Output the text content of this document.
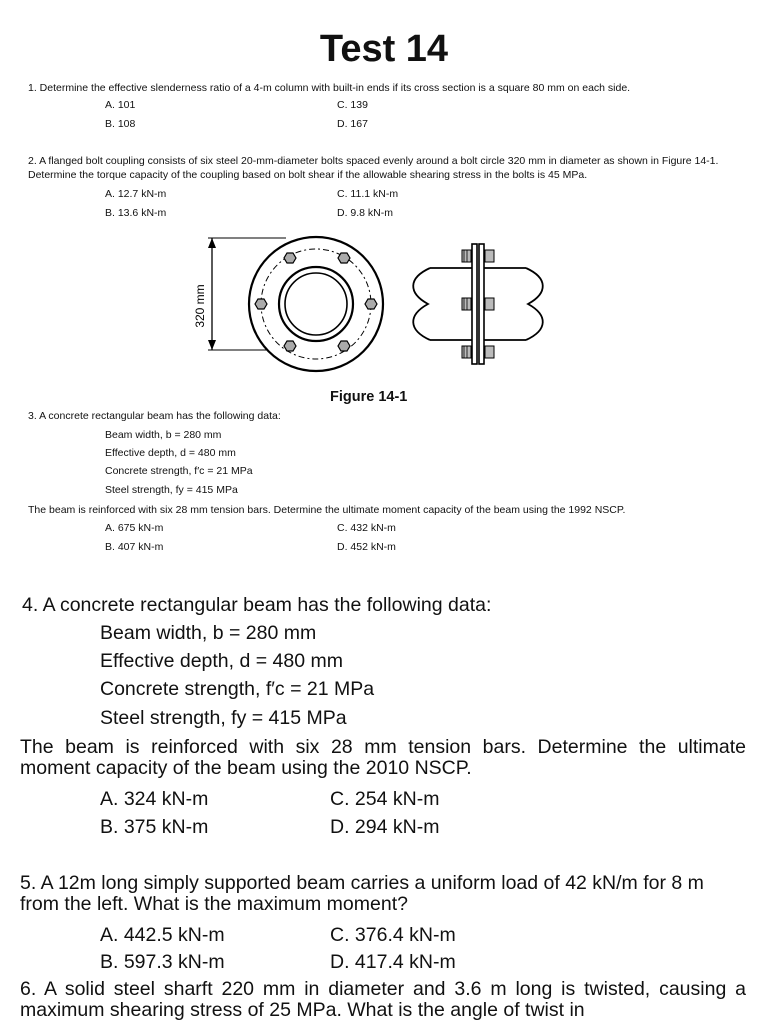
Test 14
1. Determine the effective slenderness ratio of a 4-m column with built-in ends if its cross section is a square 80 mm on each side.
A. 101	C. 139
B. 108	D. 167
2. A flanged bolt coupling consists of six steel 20-mm-diameter bolts spaced evenly around a bolt circle 320 mm in diameter as shown in Figure 14-1. Determine the torque capacity of the coupling based on bolt shear if the allowable shearing stress in the bolts is 45 MPa.
A. 12.7 kN-m	C. 11.1 kN-m
B. 13.6 kN-m	D. 9.8 kN-m
320 mm
Figure 14-1
3. A concrete rectangular beam has the following data:
Beam width, b = 280 mm
Effective depth, d = 480 mm
Concrete strength, f′c = 21 MPa
Steel strength, fy = 415 MPa
The beam is reinforced with six 28 mm tension bars. Determine the ultimate moment capacity of the beam using the 1992 NSCP.
A. 675 kN-m	C. 432 kN-m
B. 407 kN-m	D. 452 kN-m
4. A concrete rectangular beam has the following data:
Beam width, b = 280 mm
Effective depth, d = 480 mm
Concrete strength, f′c = 21 MPa
Steel strength, fy = 415 MPa
The beam is reinforced with six 28 mm tension bars. Determine the ultimate moment capacity of the beam using the 2010 NSCP.
A. 324 kN-m	C. 254 kN-m
B. 375 kN-m	D. 294 kN-m
5. A 12m long simply supported beam carries a uniform load of 42 kN/m for 8 m from the left. What is the maximum moment?
A. 442.5 kN-m	C. 376.4 kN-m
B. 597.3 kN-m	D. 417.4 kN-m
6. A solid steel sharft 220 mm in diameter and 3.6 m long is twisted, causing a maximum shearing stress of 25 MPa. What is the angle of twist in
